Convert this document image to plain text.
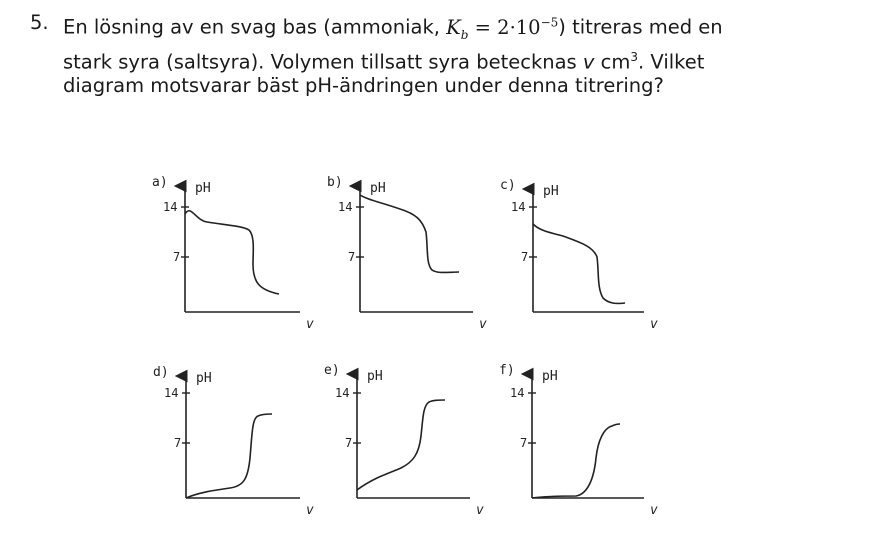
5. En lösning av en svag bas (ammoniak, $K_b = 2\cdot 10^{-5}$) titreras med en
stark syra (saltsyra). Volymen tillsatt syra betecknas v $cm^3$. Vilket
diagram motsvarar bäst pH-ändringen under denna titrering?
a) pH
14
7
v
b) pH
14
7
v
c) pH
14
7
v
d) pH
14
7
v
e) pH
14
7
v
f) pH
14
7
v
